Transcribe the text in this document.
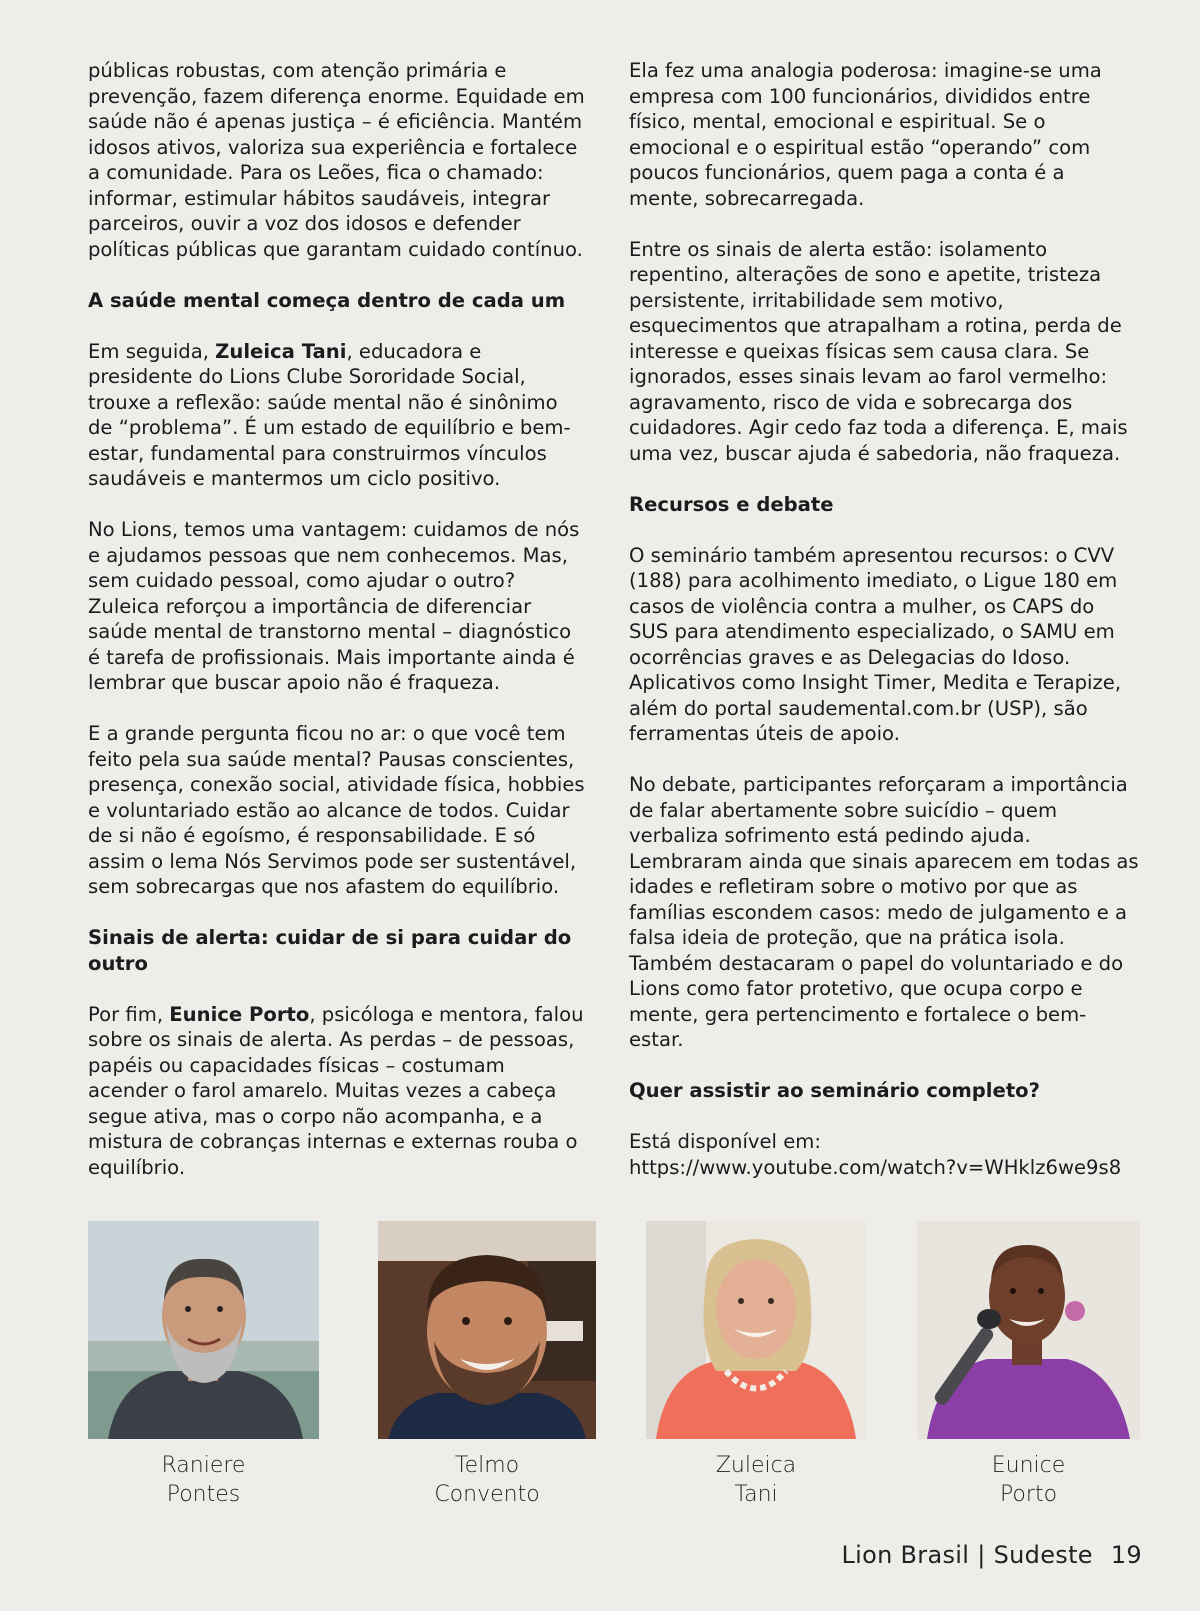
públicas robustas, com atenção primária e prevenção, fazem diferença enorme. Equidade em saúde não é apenas justiça – é eficiência. Mantém idosos ativos, valoriza sua experiência e fortalece a comunidade. Para os Leões, fica o chamado: informar, estimular hábitos saudáveis, integrar parceiros, ouvir a voz dos idosos e defender políticas públicas que garantam cuidado contínuo.

A saúde mental começa dentro de cada um

Em seguida, Zuleica Tani, educadora e presidente do Lions Clube Sororidade Social, trouxe a reflexão: saúde mental não é sinônimo de “problema”. É um estado de equilíbrio e bem-estar, fundamental para construirmos vínculos saudáveis e mantermos um ciclo positivo.

No Lions, temos uma vantagem: cuidamos de nós e ajudamos pessoas que nem conhecemos. Mas, sem cuidado pessoal, como ajudar o outro? Zuleica reforçou a importância de diferenciar saúde mental de transtorno mental – diagnóstico é tarefa de profissionais. Mais importante ainda é lembrar que buscar apoio não é fraqueza.

E a grande pergunta ficou no ar: o que você tem feito pela sua saúde mental? Pausas conscientes, presença, conexão social, atividade física, hobbies e voluntariado estão ao alcance de todos. Cuidar de si não é egoísmo, é responsabilidade. E só assim o lema Nós Servimos pode ser sustentável, sem sobrecargas que nos afastem do equilíbrio.

Sinais de alerta: cuidar de si para cuidar do outro

Por fim, Eunice Porto, psicóloga e mentora, falou sobre os sinais de alerta. As perdas – de pessoas, papéis ou capacidades físicas – costumam acender o farol amarelo. Muitas vezes a cabeça segue ativa, mas o corpo não acompanha, e a mistura de cobranças internas e externas rouba o equilíbrio.

Ela fez uma analogia poderosa: imagine-se uma empresa com 100 funcionários, divididos entre físico, mental, emocional e espiritual. Se o emocional e o espiritual estão “operando” com poucos funcionários, quem paga a conta é a mente, sobrecarregada.

Entre os sinais de alerta estão: isolamento repentino, alterações de sono e apetite, tristeza persistente, irritabilidade sem motivo, esquecimentos que atrapalham a rotina, perda de interesse e queixas físicas sem causa clara. Se ignorados, esses sinais levam ao farol vermelho: agravamento, risco de vida e sobrecarga dos cuidadores. Agir cedo faz toda a diferença. E, mais uma vez, buscar ajuda é sabedoria, não fraqueza.

Recursos e debate

O seminário também apresentou recursos: o CVV (188) para acolhimento imediato, o Ligue 180 em casos de violência contra a mulher, os CAPS do SUS para atendimento especializado, o SAMU em ocorrências graves e as Delegacias do Idoso. Aplicativos como Insight Timer, Medita e Terapize, além do portal saudemental.com.br (USP), são ferramentas úteis de apoio.

No debate, participantes reforçaram a importância de falar abertamente sobre suicídio – quem verbaliza sofrimento está pedindo ajuda. Lembraram ainda que sinais aparecem em todas as idades e refletiram sobre o motivo por que as famílias escondem casos: medo de julgamento e a falsa ideia de proteção, que na prática isola. Também destacaram o papel do voluntariado e do Lions como fator protetivo, que ocupa corpo e mente, gera pertencimento e fortalece o bem-estar.

Quer assistir ao seminário completo?

Está disponível em:
https://www.youtube.com/watch?v=WHklz6we9s8

Raniere
Pontes
Telmo
Convento
Zuleica
Tani
Eunice
Porto
Lion Brasil | Sudeste 19
